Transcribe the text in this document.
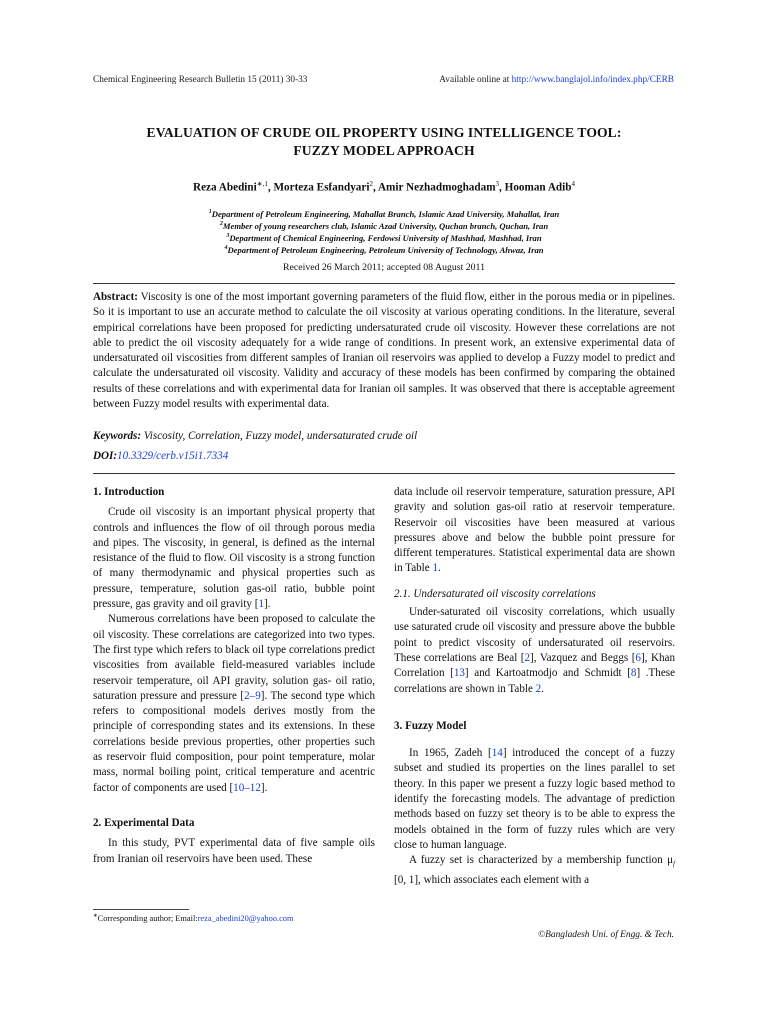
Chemical Engineering Research Bulletin 15 (2011) 30-33	Available online at http://www.banglajol.info/index.php/CERB
EVALUATION OF CRUDE OIL PROPERTY USING INTELLIGENCE TOOL:
FUZZY MODEL APPROACH
Reza Abedini$^{∗,1}$, Morteza Esfandyari$^2$, Amir Nezhadmoghadam$^3$, Hooman Adib$^4$
$^1$Department of Petroleum Engineering, Mahallat Branch, Islamic Azad University, Mahallat, Iran
$^2$Member of young researchers club, Islamic Azad University, Quchan branch, Quchan, Iran
$^3$Department of Chemical Engineering, Ferdowsi University of Mashhad, Mashhad, Iran
$^4$Department of Petroleum Engineering, Petroleum University of Technology, Ahwaz, Iran
Received 26 March 2011; accepted 08 August 2011
Abstract: Viscosity is one of the most important governing parameters of the fluid flow, either in the porous media or in pipelines. So it is important to use an accurate method to calculate the oil viscosity at various operating conditions. In the literature, several empirical correlations have been proposed for predicting undersaturated crude oil viscosity. However these correlations are not able to predict the oil viscosity adequately for a wide range of conditions. In present work, an extensive experimental data of undersaturated oil viscosities from different samples of Iranian oil reservoirs was applied to develop a Fuzzy model to predict and calculate the undersaturated oil viscosity. Validity and accuracy of these models has been confirmed by comparing the obtained results of these correlations and with experimental data for Iranian oil samples. It was observed that there is acceptable agreement between Fuzzy model results with experimental data.
Keywords: Viscosity, Correlation, Fuzzy model, undersaturated crude oil
DOI:10.3329/cerb.v15i1.7334
1. Introduction

Crude oil viscosity is an important physical property that controls and influences the flow of oil through porous media and pipes. The viscosity, in general, is defined as the internal resistance of the fluid to flow. Oil viscosity is a strong function of many thermodynamic and physical properties such as pressure, temperature, solution gas-oil ratio, bubble point pressure, gas gravity and oil gravity [1].

Numerous correlations have been proposed to calculate the oil viscosity. These correlations are categorized into two types. The first type which refers to black oil type correlations predict viscosities from available field-measured variables include reservoir temperature, oil API gravity, solution gas- oil ratio, saturation pressure and pressure [2–9]. The second type which refers to compositional models derives mostly from the principle of corresponding states and its extensions. In these correlations beside previous properties, other properties such as reservoir fluid composition, pour point temperature, molar mass, normal boiling point, critical temperature and acentric factor of components are used [10–12].

2. Experimental Data

In this study, PVT experimental data of five sample oils from Iranian oil reservoirs have been used. These

data include oil reservoir temperature, saturation pressure, API gravity and solution gas-oil ratio at reservoir temperature. Reservoir oil viscosities have been measured at various pressures above and below the bubble point pressure for different temperatures. Statistical experimental data are shown in Table 1.

2.1. Undersaturated oil viscosity correlations

Under-saturated oil viscosity correlations, which usually use saturated crude oil viscosity and pressure above the bubble point to predict viscosity of undersaturated oil reservoirs. These correlations are Beal [2], Vazquez and Beggs [6], Khan Correlation [13] and Kartoatmodjo and Schmidt [8] .These correlations are shown in Table 2.

3. Fuzzy Model

In 1965, Zadeh [14] introduced the concept of a fuzzy subset and studied its properties on the lines parallel to set theory. In this paper we present a fuzzy logic based method to identify the forecasting models. The advantage of prediction methods based on fuzzy set theory is to be able to express the models obtained in the form of fuzzy rules which are very close to human language.

A fuzzy set is characterized by a membership function $\mu_f$ [0, 1], which associates each element with a

∗Corresponding author; Email:reza_abedini20@yahoo.com
©Bangladesh Uni. of Engg. & Tech.
